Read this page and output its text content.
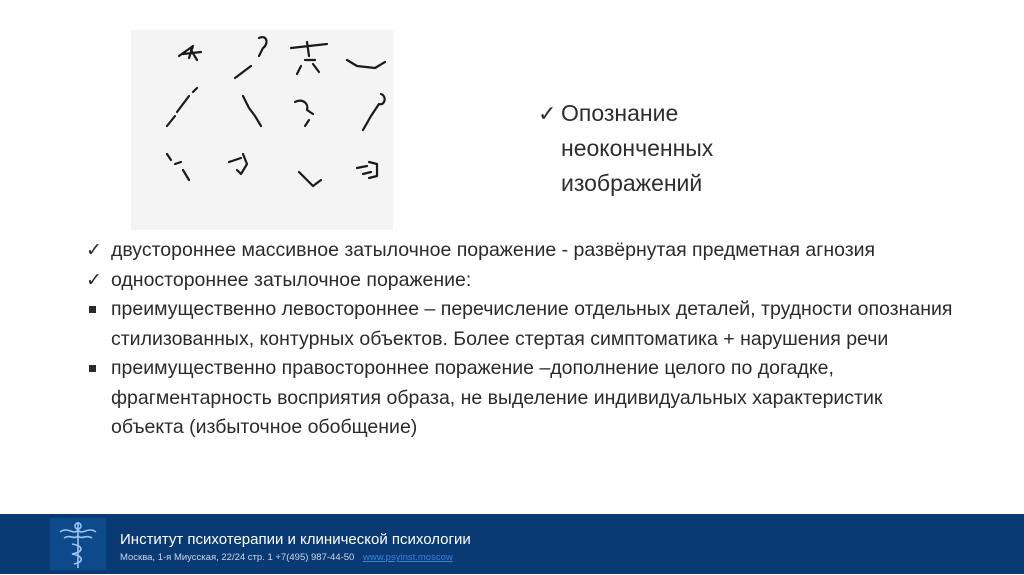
✓ Опознание неоконченных изображений
✓ двустороннее массивное затылочное поражение - развёрнутая предметная агнозия
✓ одностороннее затылочное поражение:
преимущественно левостороннее – перечисление отдельных деталей, трудности опознания стилизованных, контурных объектов. Более стертая симптоматика + нарушения речи
преимущественно правостороннее поражение –дополнение целого по догадке, фрагментарность восприятия образа, не выделение индивидуальных характеристик объекта (избыточное обобщение)
Институт психотерапии и клинической психологии
Москва, 1-я Миусская, 22/24 стр. 1 +7(495) 987-44-50 www.psyinst.moscow
